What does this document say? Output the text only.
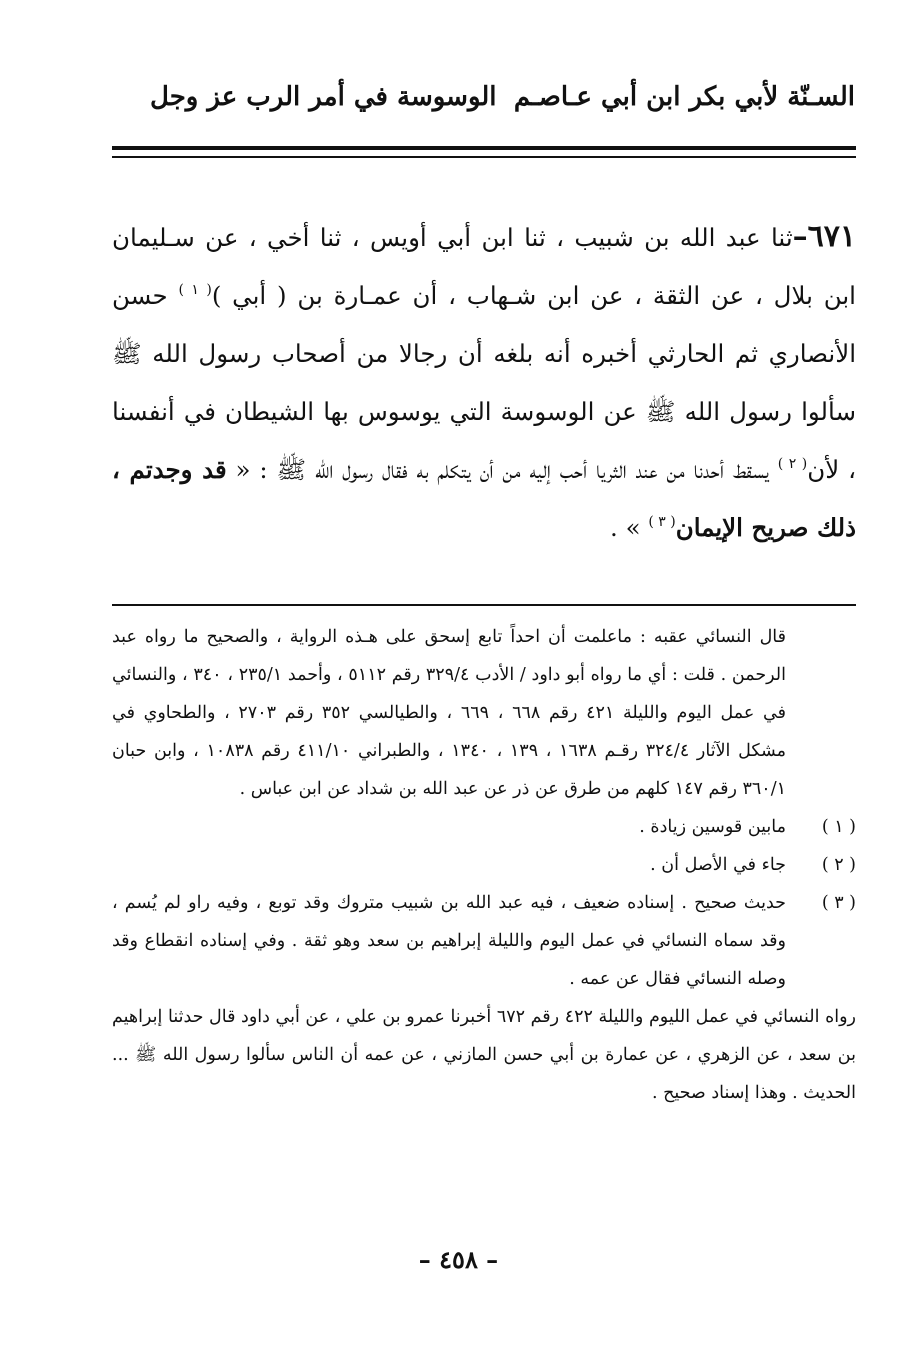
السـنّة لأبي بكر ابن أبي عـاصـم
الوسوسة في أمر الرب عز وجل

٦٧١–ثنا عبد الله بن شبيب ، ثنا ابن أبي أويس ، ثنا أخي ، عن سـليمان ابن بلال ، عن الثقة ، عن ابن شـهاب ، أن عمـارة بن ( أبي )$^{( ١ )}$ حسن الأنصاري ثم الحارثي أخبره أنه بلغه أن رجالا من أصحاب رسول الله ﷺ سألوا رسول الله ﷺ عن الوسوسة التي يوسوس بها الشيطان في أنفسنا ، لأن$^{( ٢ )}$ يسقط أحدنا من عند الثريا أحب إليه من أن يتكلم به فقال رسول الله ﷺ : « قد وجدتم ، ذلك صريح الإيمان$^{( ٣ )}$ » .

قال النسائي عقبه : ماعلمت أن احداً تابع إسحق على هـذه الرواية ، والصحيح ما رواه عبد الرحمن . قلت : أي ما رواه أبو داود / الأدب ٣٢٩/٤ رقم ٥١١٢ ، وأحمد ٢٣٥/١ ، ٣٤٠ ، والنسائي في عمل اليوم والليلة ٤٢١ رقم ٦٦٨ ، ٦٦٩ ، والطيالسي ٣٥٢ رقم ٢٧٠٣ ، والطحاوي في مشكل الآثار ٣٢٤/٤ رقـم ١٦٣٨ ، ١٣٩ ، ١٣٤٠ ، والطبراني ٤١١/١٠ رقم ١٠٨٣٨ ، وابن حبان ٣٦٠/١ رقم ١٤٧ كلهم من طرق عن ذر عن عبد الله بن شداد عن ابن عباس .

( ١ )
مابين قوسين زيادة .

( ٢ )
جاء في الأصل أن .

( ٣ )
حديث صحيح . إسناده ضعيف ، فيه عبد الله بن شبيب متروك وقد توبع ، وفيه راو لم يُسم ، وقد سماه النسائي في عمل اليوم والليلة إبراهيم بن سعد وهو ثقة . وفي إسناده انقطاع وقد وصله النسائي فقال عن عمه .

رواه النسائي في عمل الليوم والليلة ٤٢٢ رقم ٦٧٢ أخبرنا عمرو بن علي ، عن أبي داود قال حدثنا إبراهيم بن سعد ، عن الزهري ، عن عمارة بن أبي حسن المازني ، عن عمه أن الناس سألوا رسول الله ﷺ ... الحديث . وهذا إسناد صحيح .

– ٤٥٨ –
